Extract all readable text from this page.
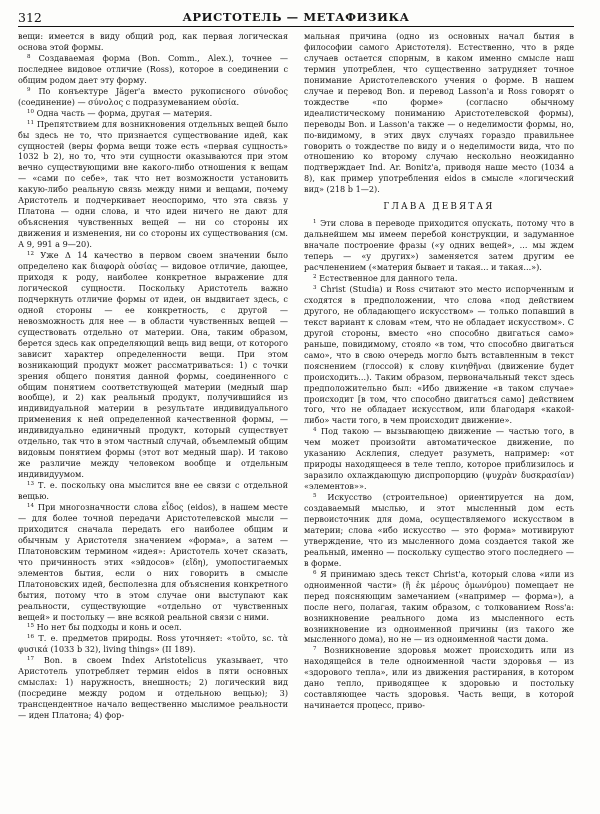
312	АРИСТОТЕЛЬ — МЕТАФИЗИКА

вещи: имеется в виду общий род, как первая логическая основа этой формы.

$^8$ Создаваемая форма (Bon. Comm., Alex.), точнее — последнее видовое отличие (Ross), которое в соединении с общим родом дает эту форму.

$^9$ По конъектуре Jäger'a вместо рукописного σύνοδος (соединение) — σύνολος с подразумеванием οὐσία.

$^{10}$ Одна часть — форма, другая — материя.

$^{11}$ Препятствием для возникновения отдельных вещей было бы здесь не то, что признается существование идей, как сущностей (веры форма вещи тоже есть «первая сущность» 1032 b 2), но то, что эти сущности оказываются при этом вечно существующими вне какого-либо отношения к вещам — «сами по себе», так что нет возможности установить какую-либо реальную связь между ними и вещами, почему Аристотель и подчеркивает неоспоримо, что эта связь у Платона — одни слова, и что идеи ничего не дают для объяснения чувственных вещей — ни со стороны их движения и изменения, ни со стороны их существования (см. А 9, 991 a 9—20).

$^{12}$ Уже Δ 14 качество в первом своем значении было определено как διαφορὰ οὐσίας — видовое отличие, дающее, приходя к роду, наиболее конкретное выражение для логической сущности. Поскольку Аристотель важно подчеркнуть отличие формы от идеи, он выдвигает здесь, с одной стороны — ее конкретность, с другой — невозможность для нее — в области чувственных вещей — существовать отдельно от материи. Она, таким образом, берется здесь как определяющий вещь вид вещи, от которого зависит характер определенности вещи. При этом возникающий продукт может рассматриваться: 1) с точки зрения общего понятия данной формы, соединенного с общим понятием соответствующей материи (медный шар вообще), и 2) как реальный продукт, получившийся из индивидуальной материи в результате индивидуального применения к ней определенной качественной формы, — индивидуально единичный продукт, который существует отдельно, так что в этом частный случай, объемлемый общим видовым понятием формы (этот вот медный шар). И таково же различие между человеком вообще и отдельным индивидуумом.

$^{13}$ Т. е. поскольку она мыслится вне ее связи с отдельной вещью.

$^{14}$ При многозначности слова εἶδος (eidos), в нашем месте — для более точной передачи Аристотелевской мысли — приходится сначала передать его наиболее общим и обычным у Аристотеля значением «форма», а затем — Платоновским термином «идея»: Аристотель хочет сказать, что причинность этих «эйдосов» (εἴδη), умопостигаемых элементов бытия, если о них говорить в смысле Платоновских идей, бесполезна для объяснения конкретного бытия, потому что в этом случае они выступают как реальности, существующие «отдельно от чувственных вещей» и постольку — вне всякой реальной связи с ними.

$^{15}$ Но нет бы подходы и конь и осел.

$^{16}$ Т. е. предметов природы. Ross уточняет: «τοῦτο, sc. τὰ φυσικά (1033 b 32), living things» (II 189).

$^{17}$ Bon. в своем Index Aristotelicus указывает, что Аристотель употребляет термин eidos в пяти основных смыслах: 1) наружность, внешность; 2) логический вид (посредине между родом и отдельною вещью); 3) трансцендентное начало вещественно мыслимое реальности — иден Платона; 4) фор-

мальная причина (одно из основных начал бытия в философии самого Аристотеля). Естественно, что в ряде случаев остается спорным, в каком именно смысле наш термин употреблен, что существенно затрудняет точное понимание Аристотелевского учения о форме. В нашем случае и перевод Bon. и перевод Lasson'а и Ross говорят о тождестве «по форме» (согласно обычному идеалистическому пониманию Аристотелевской формы), переводы Bon. и Lasson'а также — о неделимости формы, но, по-видимому, в этих двух случаях гораздо правильнее говорить о тождестве по виду и о неделимости вида, что по отношению ко второму случаю нескольно неожиданно подтверждает Ind. Ar. Bonitz'а, приводя наше место (1034 a 8), как пример употребления eidos в смысле «логический вид» (218 b 1—2).

ГЛАВА ДЕВЯТАЯ

$^1$ Эти слова в переводе приходится опускать, потому что в дальнейшем мы имеем перебой конструкции, и задуманное вначале построение фразы («у одних вещей», ... мы ждем теперь — «у других») заменяется затем другим ее расчленением («материя бывает и такая... и такая...»).

$^2$ Естественное для данного тела.

$^3$ Christ (Studia) и Ross считают это место испорченным и сходятся в предположении, что слова «под действием другого, не обладающего искусством» — только попавший в текст вариант к словам «тем, что не обладает искусством». С другой стороны, вместо «но способно двигаться само» раньше, повидимому, стояло «в том, что способно двигаться само», что в свою очередь могло быть вставленным в текст пояснением (глоссой) к слову κινηθῆναι (движение будет происходить...). Таким образом, первоначальный текст здесь предположительно был: «Ибо движение «в таком случае» происходит [в том, что способно двигаться само] действием того, что не обладает искусством, или благодаря «какой-либо» части того, в чем происходит движение».

$^4$ Под такою — вызывающею движение — частью того, в чем может произойти автоматическое движение, по указанию Асклепия, следует разуметь, например: «от природы находящееся в теле тепло, которое приблизилось и заразило охлаждающую диспропорцию (ψυχρὰν δυσκρασίαν) «элементов»».

$^5$ Искусство (строительное) ориентируется на дом, создаваемый мыслью, и этот мысленный дом есть первоисточник для дома, осуществляемого искусством в материи; слова «ибо искусство — это форма» мотивируют утверждение, что из мысленного дома создается такой же реальный, именно — поскольку существо этого последнего — в форме.

$^6$ Я принимаю здесь текст Christ'а, который слова «или из одноименной части» (ἢ ἐκ μέρους ὁμωνύμου) помещает не перед поясняющим замечанием («например — форма»), а после него, полагая, таким образом, с толкованием Ross'а: возникновение реального дома из мысленного есть возникновение из одноименной причины (из такого же мысленного дома), но не — из одноименной части дома.

$^7$ Возникновение здоровья может происходить или из находящейся в теле одноименной части здоровья — из «здорового тепла», или из движения растирания, в котором дано тепло, приводящее к здоровью и постольку составляющее часть здоровья. Часть вещи, в которой начинается процесс, приво-
